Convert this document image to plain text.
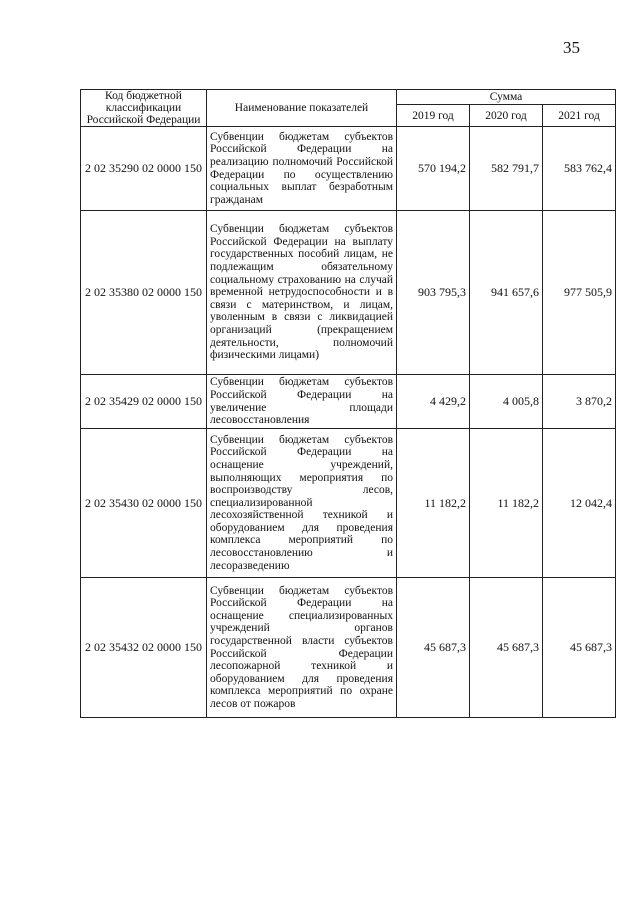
35
Код бюджетной классификации Российской Федерации	Наименование показателей	Сумма		
		2019 год	2020 год	2021 год
2 02 35290 02 0000 150	Субвенции бюджетам субъектов Российской Федерации на реализацию полномочий Российской Федерации по осуществлению социальных выплат безработным гражданам	570 194,2	582 791,7	583 762,4
2 02 35380 02 0000 150	Субвенции бюджетам субъектов Российской Федерации на выплату государственных пособий лицам, не подлежащим обязательному социальному страхованию на случай временной нетрудоспособности и в связи с материнством, и лицам, уволенным в связи с ликвидацией организаций (прекращением деятельности, полномочий физическими лицами)	903 795,3	941 657,6	977 505,9
2 02 35429 02 0000 150	Субвенции бюджетам субъектов Российской Федерации на увеличение площади лесовосстановления	4 429,2	4 005,8	3 870,2
2 02 35430 02 0000 150	Субвенции бюджетам субъектов Российской Федерации на оснащение учреждений, выполняющих мероприятия по воспроизводству лесов, специализированной лесохозяйственной техникой и оборудованием для проведения комплекса мероприятий по лесовосстановлению и лесоразведению	11 182,2	11 182,2	12 042,4
2 02 35432 02 0000 150	Субвенции бюджетам субъектов Российской Федерации на оснащение специализированных учреждений органов государственной власти субъектов Российской Федерации лесопожарной техникой и оборудованием для проведения комплекса мероприятий по охране лесов от пожаров	45 687,3	45 687,3	45 687,3
